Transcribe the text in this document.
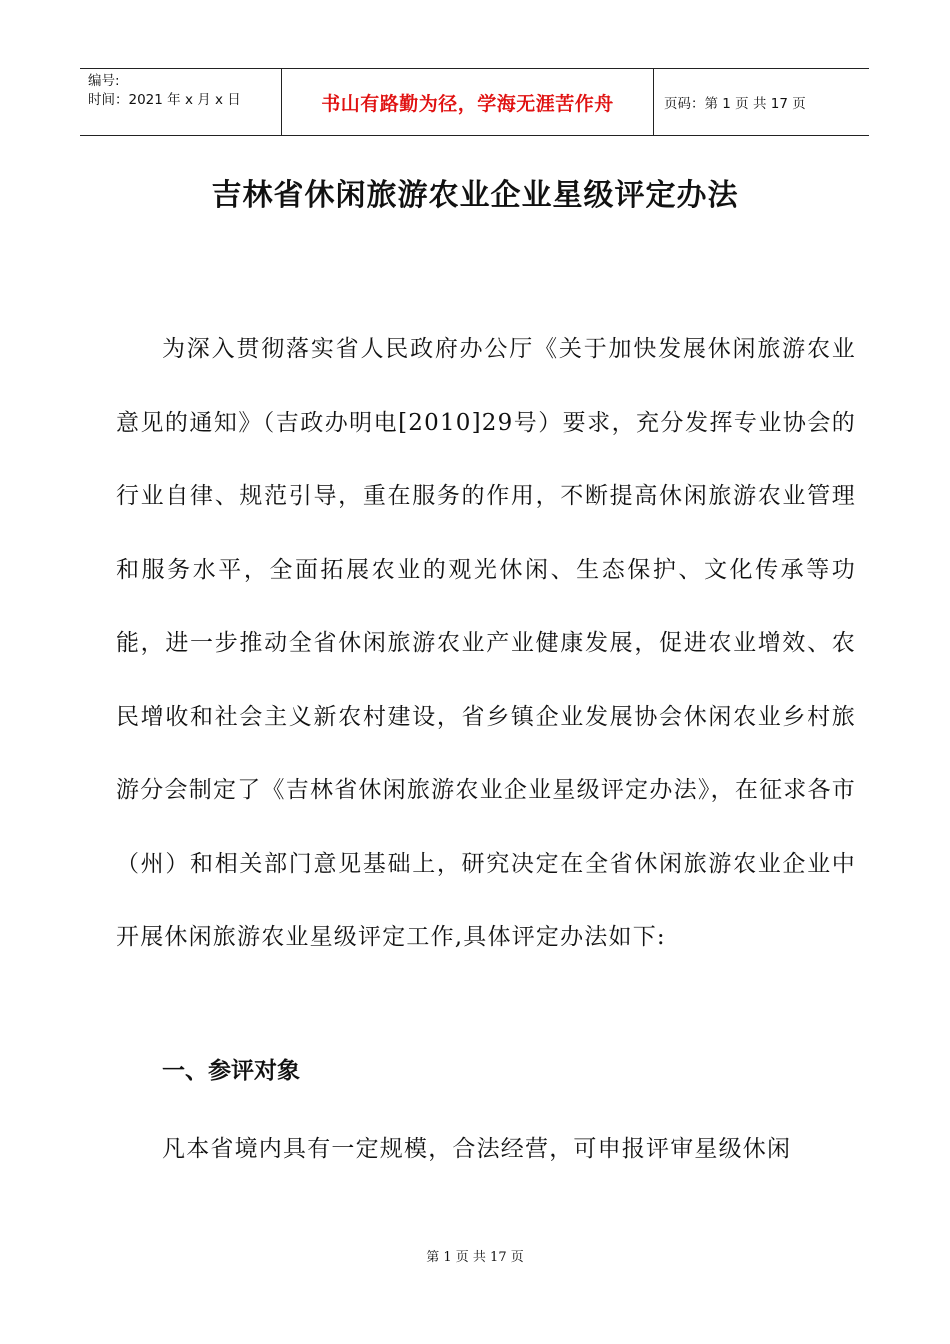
编号:
时间：2021 年 x 月 x 日	书山有路勤为径，学海无涯苦作舟	页码：第 1 页 共 17 页
吉林省休闲旅游农业企业星级评定办法

为深入贯彻落实省人民政府办公厅《关于加快发展休闲旅游农业意见的通知》（吉政办明电[2010]29号）要求，充分发挥专业协会的行业自律、规范引导，重在服务的作用，不断提高休闲旅游农业管理和服务水平，全面拓展农业的观光休闲、生态保护、文化传承等功能，进一步推动全省休闲旅游农业产业健康发展，促进农业增效、农民增收和社会主义新农村建设，省乡镇企业发展协会休闲农业乡村旅游分会制定了《吉林省休闲旅游农业企业星级评定办法》，在征求各市（州）和相关部门意见基础上，研究决定在全省休闲旅游农业企业中开展休闲旅游农业星级评定工作,具体评定办法如下:

一、参评对象

凡本省境内具有一定规模，合法经营，可申报评审星级休闲

第 1 页 共 17 页
